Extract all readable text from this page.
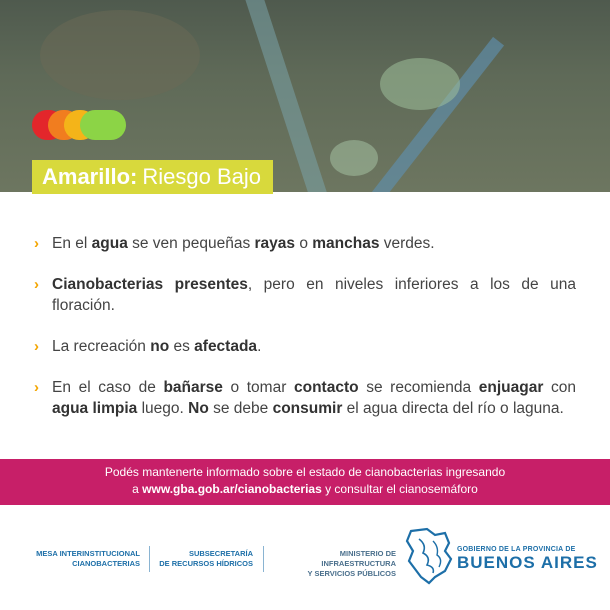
Amarillo: Riesgo Bajo
› En el agua se ven pequeñas rayas o manchas verdes.
› Cianobacterias presentes, pero en niveles inferiores a los de una floración.
› La recreación no es afectada.
› En el caso de bañarse o tomar contacto se recomienda enjuagar con agua limpia luego. No se debe consumir el agua directa del río o laguna.
Podés mantenerte informado sobre el estado de cianobacterias ingresando
a www.gba.gob.ar/cianobacterias y consultar el cianosemáforo
MESA INTERINSTITUCIONAL
CIANOBACTERIAS
SUBSECRETARÍA
DE RECURSOS HÍDRICOS
MINISTERIO DE INFRAESTRUCTURA
Y SERVICIOS PÚBLICOS
GOBIERNO DE LA PROVINCIA DE
BUENOS AIRES
